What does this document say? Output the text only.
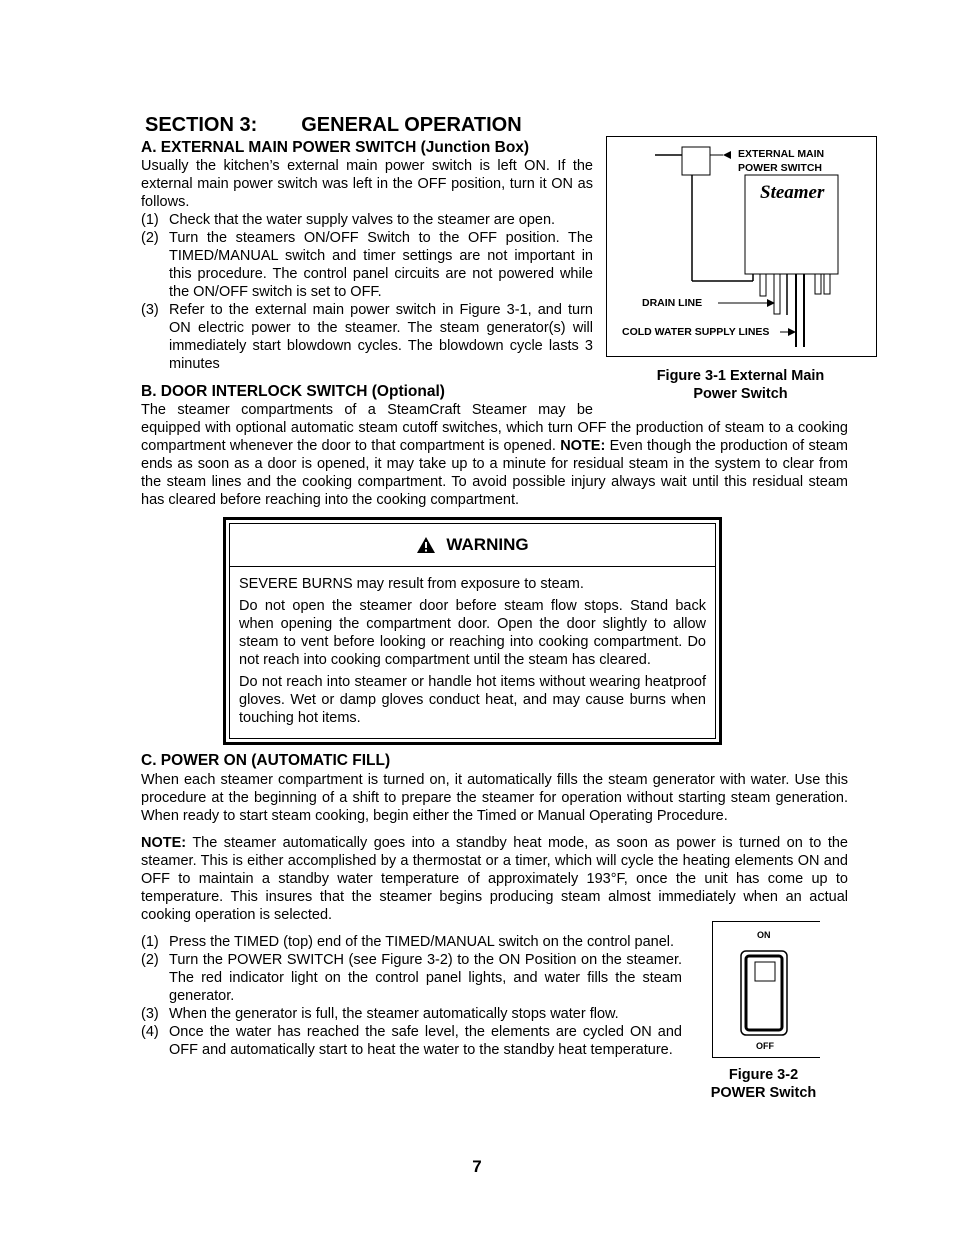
SECTION 3: GENERAL OPERATION
A. EXTERNAL MAIN POWER SWITCH (Junction Box)
Usually the kitchen’s external main power switch is left ON. If the external main power switch was left in the OFF position, turn it ON as follows.
(1) Check that the water supply valves to the steamer are open.
(2) Turn the steamers ON/OFF Switch to the OFF position. The TIMED/MANUAL switch and timer settings are not important in this procedure. The control panel circuits are not powered while the ON/OFF switch is set to OFF.
(3) Refer to the external main power switch in Figure 3-1, and turn ON electric power to the steamer. The steam generator(s) will immediately start blowdown cycles. The blowdown cycle lasts 3 minutes
EXTERNAL MAIN
POWER SWITCH
Steamer
DRAIN LINE
COLD WATER SUPPLY LINES
Figure 3-1 External Main
Power Switch
B. DOOR INTERLOCK SWITCH (Optional)
The steamer compartments of a SteamCraft Steamer may be
equipped with optional automatic steam cutoff switches, which turn OFF the production of steam to a cooking compartment whenever the door to that compartment is opened. NOTE: Even though the production of steam ends as soon as a door is opened, it may take up to a minute for residual steam in the system to clear from the steam lines and the cooking compartment. To avoid possible injury always wait until this residual steam has cleared before reaching into the cooking compartment.
WARNING

SEVERE BURNS may result from exposure to steam.

Do not open the steamer door before steam flow stops. Stand back when opening the compartment door. Open the door slightly to allow steam to vent before looking or reaching into cooking compartment. Do not reach into cooking compartment until the steam has cleared.

Do not reach into steamer or handle hot items without wearing heatproof gloves. Wet or damp gloves conduct heat, and may cause burns when touching hot items.

C. POWER ON (AUTOMATIC FILL)
When each steamer compartment is turned on, it automatically fills the steam generator with water. Use this procedure at the beginning of a shift to prepare the steamer for operation without starting steam generation. When ready to start steam cooking, begin either the Timed or Manual Operating Procedure.
NOTE: The steamer automatically goes into a standby heat mode, as soon as power is turned on to the steamer. This is either accomplished by a thermostat or a timer, which will cycle the heating elements ON and OFF to maintain a standby water temperature of approximately 193°F, once the unit has come up to temperature. This insures that the steamer begins producing steam almost immediately when an actual cooking operation is selected.
(1) Press the TIMED (top) end of the TIMED/MANUAL switch on the control panel.
(2) Turn the POWER SWITCH (see Figure 3-2) to the ON Position on the steamer. The red indicator light on the control panel lights, and water fills the steam generator.
(3) When the generator is full, the steamer automatically stops water flow.
(4) Once the water has reached the safe level, the elements are cycled ON and OFF and automatically start to heat the water to the standby heat temperature.
ON
OFF
Figure 3-2
POWER Switch
7
